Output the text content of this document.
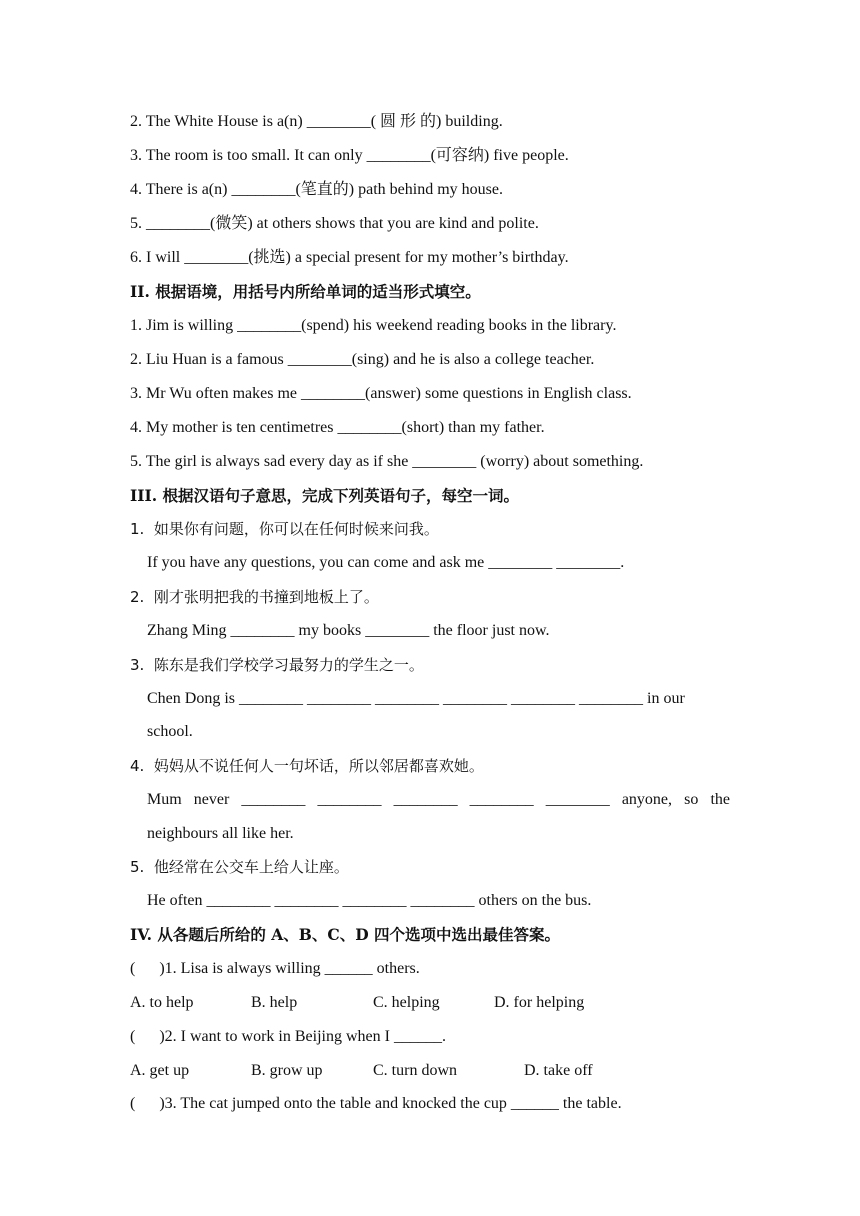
2. The White House is a(n) ________( 圆 形 的) building.
3. The room is too small. It can only ________(可容纳) five people.
4. There is a(n) ________(笔直的) path behind my house.
5. ________(微笑) at others shows that you are kind and polite.
6. I will ________(挑选) a special present for my mother’s birthday.
II. 根据语境，用括号内所给单词的适当形式填空。
1. Jim is willing ________(spend) his weekend reading books in the library.
2. Liu Huan is a famous ________(sing) and he is also a college teacher.
3. Mr Wu often makes me ________(answer) some questions in English class.
4. My mother is ten centimetres ________(short) than my father.
5. The girl is always sad every day as if she ________ (worry) about something.
III. 根据汉语句子意思，完成下列英语句子，每空一词。
1.  如果你有问题，你可以在任何时候来问我。
If you have any questions, you can come and ask me ________ ________.
2.  刚才张明把我的书撞到地板上了。
Zhang Ming ________ my books ________ the floor just now.
3.  陈东是我们学校学习最努力的学生之一。
Chen Dong is ________ ________ ________ ________ ________ ________ in our
school.
4.  妈妈从不说任何人一句坏话，所以邻居都喜欢她。
Mum never ________ ________ ________ ________ ________ anyone, so the
neighbours all like her.
5.  他经常在公交车上给人让座。
He often ________ ________ ________ ________ others on the bus.
IV. 从各题后所给的 A、B、C、D 四个选项中选出最佳答案。
(      )1. Lisa is always willing ______ others.
A. to help	B. help	C. helping	D. for helping
(      )2. I want to work in Beijing when I ______.
A. get up	B. grow up	C. turn down	D. take off
(      )3. The cat jumped onto the table and knocked the cup ______ the table.
